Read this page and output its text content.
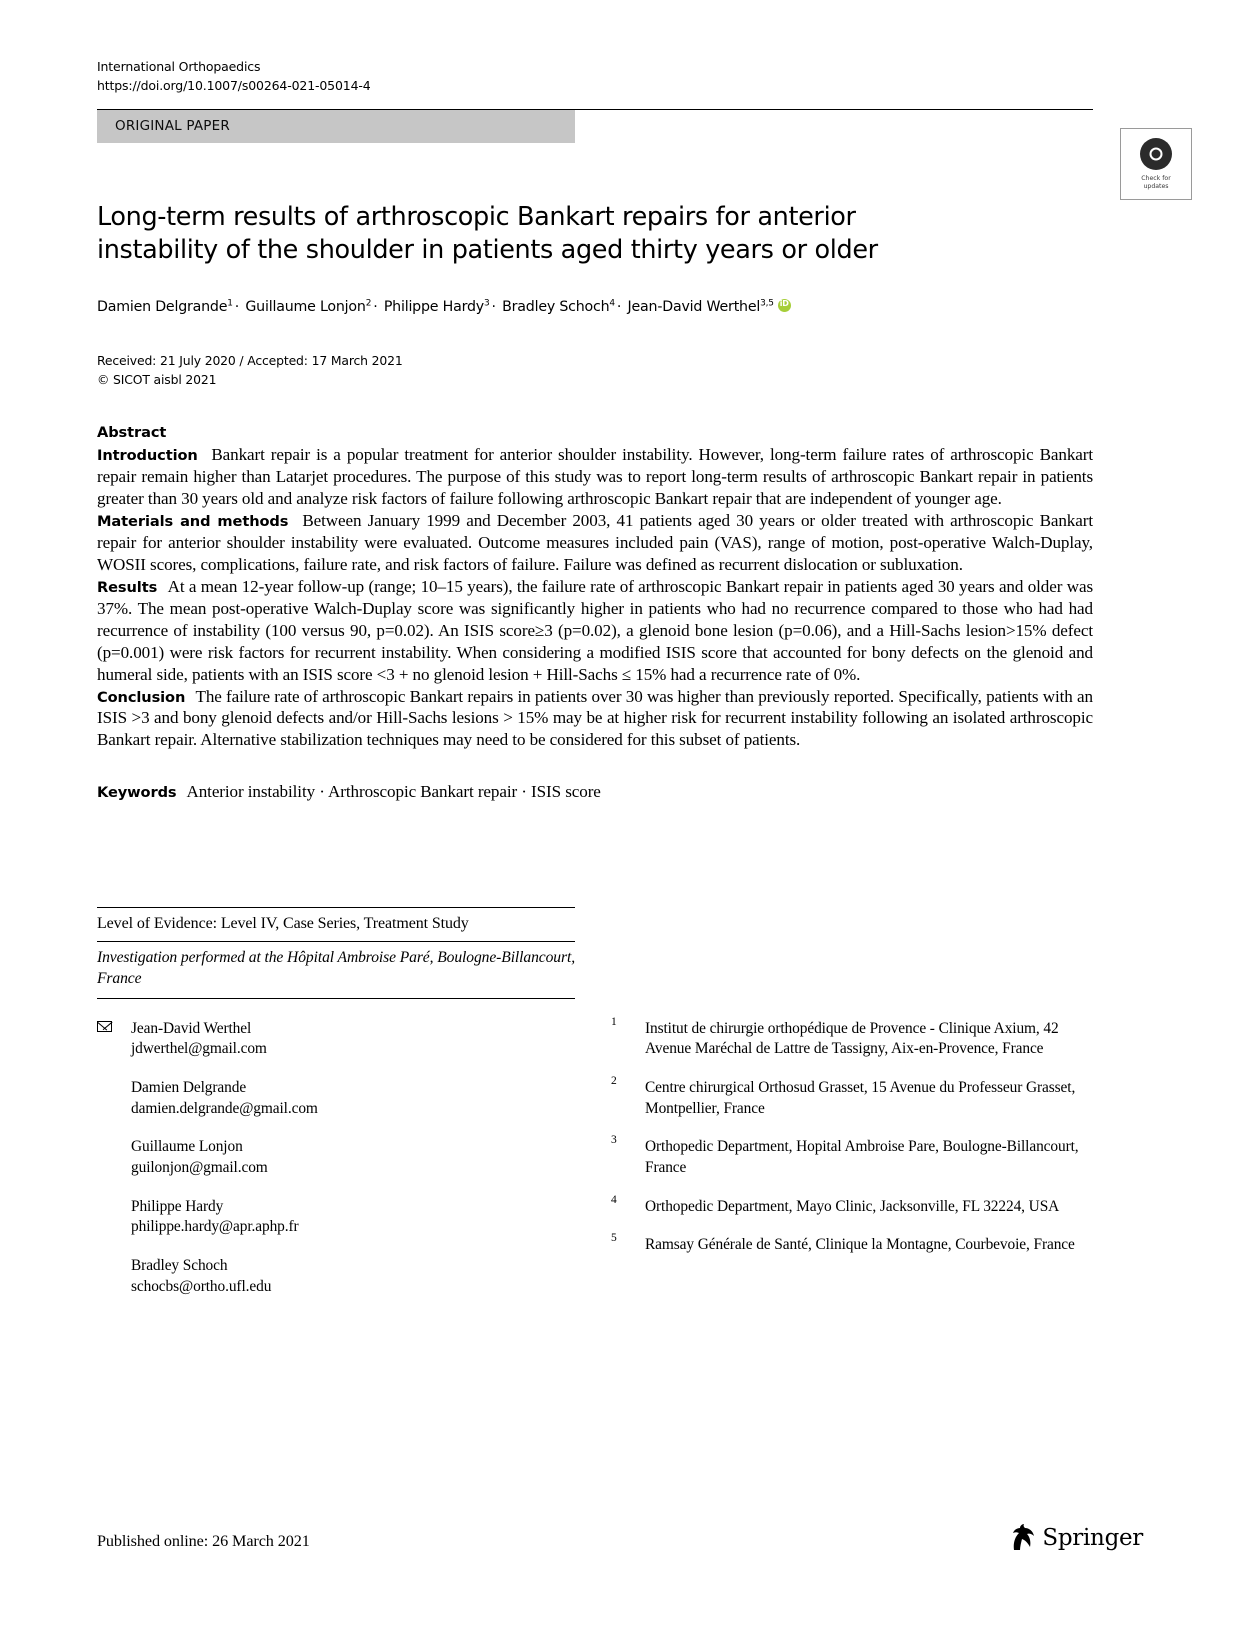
Check for
updates
International Orthopaedics
https://doi.org/10.1007/s00264-021-05014-4
ORIGINAL PAPER
Long-term results of arthroscopic Bankart repairs for anterior instability of the shoulder in patients aged thirty years or older
Damien Delgrande$^1$ · Guillaume Lonjon$^2$ · Philippe Hardy$^3$ · Bradley Schoch$^4$ · Jean-David Werthel$^{3,5}$iD
Received: 21 July 2020 / Accepted: 17 March 2021
© SICOT aisbl 2021
Abstract

Introduction Bankart repair is a popular treatment for anterior shoulder instability. However, long-term failure rates of arthroscopic Bankart repair remain higher than Latarjet procedures. The purpose of this study was to report long-term results of arthroscopic Bankart repair in patients greater than 30 years old and analyze risk factors of failure following arthroscopic Bankart repair that are independent of younger age.

Materials and methods Between January 1999 and December 2003, 41 patients aged 30 years or older treated with arthroscopic Bankart repair for anterior shoulder instability were evaluated. Outcome measures included pain (VAS), range of motion, post-operative Walch-Duplay, WOSII scores, complications, failure rate, and risk factors of failure. Failure was defined as recurrent dislocation or subluxation.

Results At a mean 12-year follow-up (range; 10–15 years), the failure rate of arthroscopic Bankart repair in patients aged 30 years and older was 37%. The mean post-operative Walch-Duplay score was significantly higher in patients who had no recurrence compared to those who had had recurrence of instability (100 versus 90, p=0.02). An ISIS score≥3 (p=0.02), a glenoid bone lesion (p=0.06), and a Hill-Sachs lesion>15% defect (p=0.001) were risk factors for recurrent instability. When considering a modified ISIS score that accounted for bony defects on the glenoid and humeral side, patients with an ISIS score <3 + no glenoid lesion + Hill-Sachs ≤ 15% had a recurrence rate of 0%.

Conclusion The failure rate of arthroscopic Bankart repairs in patients over 30 was higher than previously reported. Specifically, patients with an ISIS >3 and bony glenoid defects and/or Hill-Sachs lesions > 15% may be at higher risk for recurrent instability following an isolated arthroscopic Bankart repair. Alternative stabilization techniques may need to be considered for this subset of patients.

Keywords Anterior instability · Arthroscopic Bankart repair · ISIS score
Level of Evidence: Level IV, Case Series, Treatment Study
Investigation performed at the Hôpital Ambroise Paré, Boulogne-Billancourt, France
Jean-David Werthel
jdwerthel@gmail.com
Damien Delgrande
damien.delgrande@gmail.com
Guillaume Lonjon
guilonjon@gmail.com
Philippe Hardy
philippe.hardy@apr.aphp.fr
Bradley Schoch
schocbs@ortho.ufl.edu
1 Institut de chirurgie orthopédique de Provence - Clinique Axium, 42 Avenue Maréchal de Lattre de Tassigny, Aix-en-Provence, France
2 Centre chirurgical Orthosud Grasset, 15 Avenue du Professeur Grasset, Montpellier, France
3 Orthopedic Department, Hopital Ambroise Pare, Boulogne-Billancourt, France
4 Orthopedic Department, Mayo Clinic, Jacksonville, FL 32224, USA
5 Ramsay Générale de Santé, Clinique la Montagne, Courbevoie, France
Published online: 26 March 2021	Springer
